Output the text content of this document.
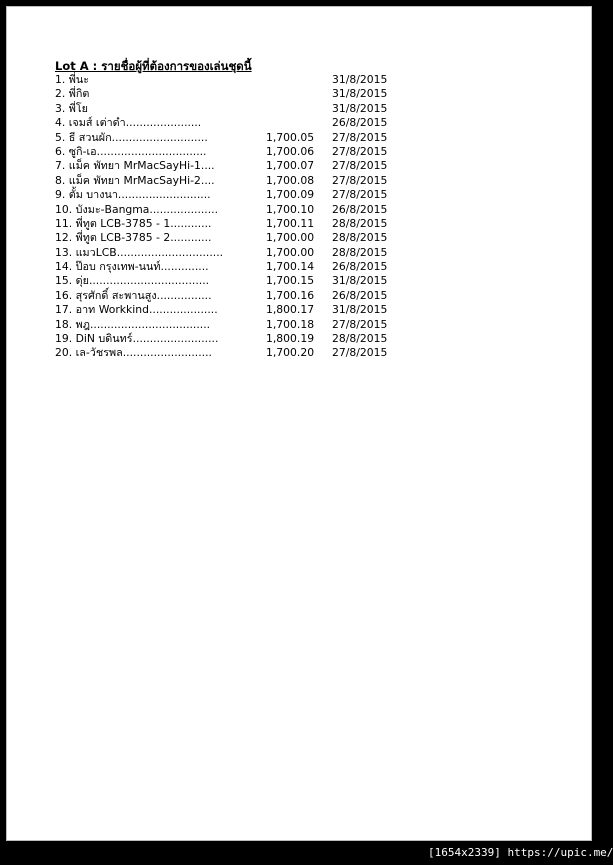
Lot A : รายชื่อผู้ที่ต้องการของเล่นชุดนี้
1. พี่นะ	31/8/2015
2. พี่กิต	31/8/2015
3. พี่โย	31/8/2015
4. เจมส์ เต่าดำ......................	26/8/2015
5. ธี สวนผัก............................	1,700.05 27/8/2015
6. ซูกิ-เอ................................	1,700.06 27/8/2015
7. แม็ค พัทยา MrMacSayHi-1....	1,700.07 27/8/2015
8. แม็ค พัทยา MrMacSayHi-2....	1,700.08 27/8/2015
9. ตั้ม บางนา...........................	1,700.09 27/8/2015
10. บังมะ-Bangma....................	1,700.10 26/8/2015
11. พี่ทูต LCB-3785 - 1............	1,700.11 28/8/2015
12. พี่ทูต LCB-3785 - 2............	1,700.00 28/8/2015
13. แมวLCB...............................	1,700.00 28/8/2015
14. ป๊อบ กรุงเทพ-นนท์..............	1,700.14 26/8/2015
15. ดุ่ย...................................	1,700.15 31/8/2015
16. สุรศักดิ์ สะพานสูง................	1,700.16 26/8/2015
17. อาท Workkind....................	1,800.17 31/8/2015
18. พฎ...................................	1,700.18 27/8/2015
19. DiN บดินทร์.........................	1,800.19 28/8/2015
20. เล-วัชรพล..........................	1,700.20 27/8/2015
[1654x2339] https://upic.me/
